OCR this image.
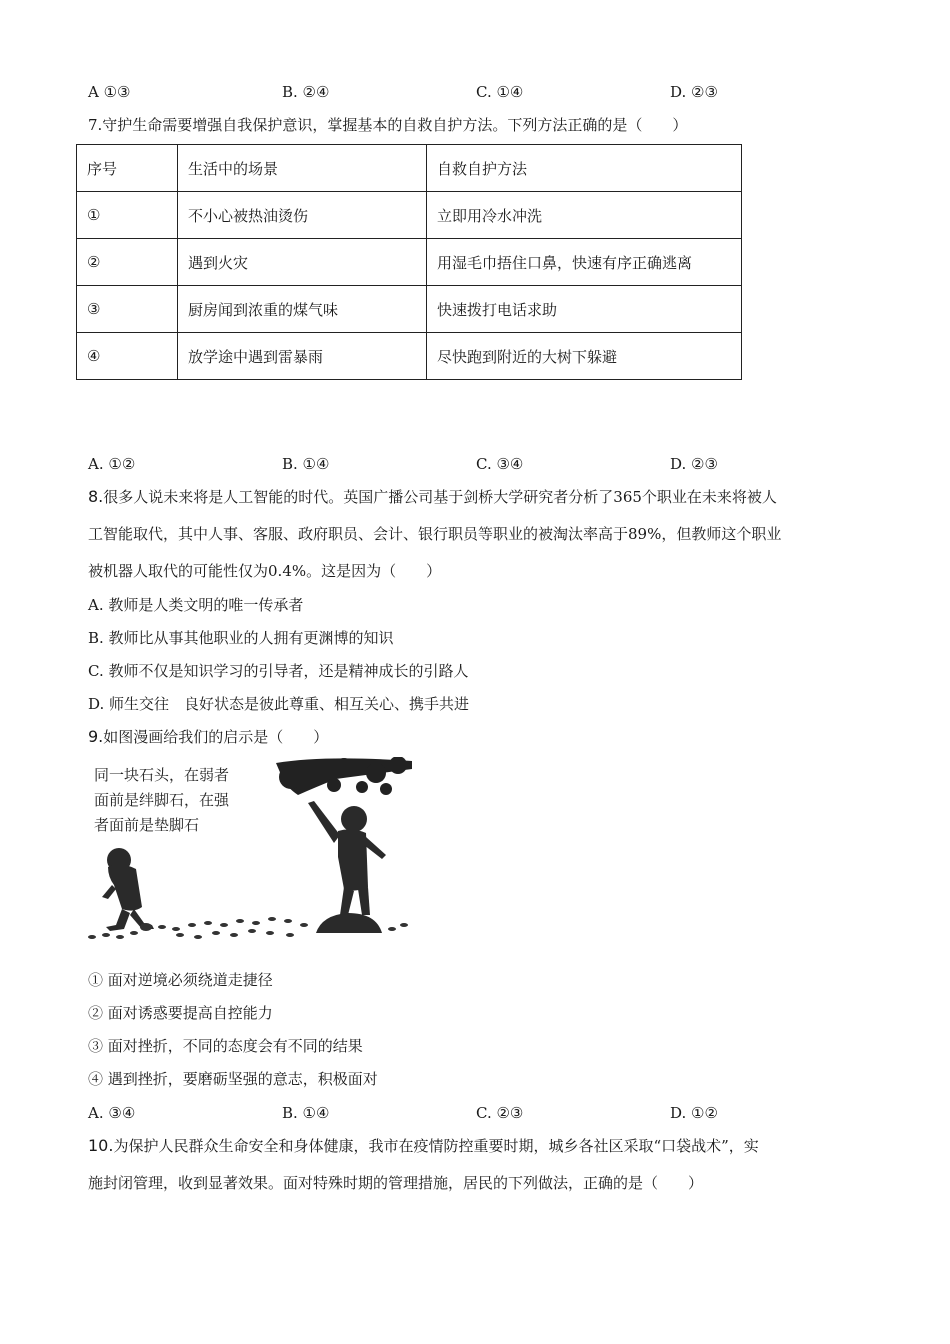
A ①③	B. ②④	C. ①④	D. ②③
7.守护生命需要增强自我保护意识，掌握基本的自救自护方法。下列方法正确的是（　　）
序号	生活中的场景	自救自护方法
①	不小心被热油烫伤	立即用冷水冲洗
②	遇到火灾	用湿毛巾捂住口鼻，快速有序正确逃离
③	厨房闻到浓重的煤气味	快速拨打电话求助
④	放学途中遇到雷暴雨	尽快跑到附近的大树下躲避
A. ①②	B. ①④	C. ③④	D. ②③
8.很多人说未来将是人工智能的时代。英国广播公司基于剑桥大学研究者分析了365个职业在未来将被人
工智能取代，其中人事、客服、政府职员、会计、银行职员等职业的被淘汰率高于89%，但教师这个职业
被机器人取代的可能性仅为0.4%。这是因为（　　）
A. 教师是人类文明的唯一传承者
B. 教师比从事其他职业的人拥有更渊博的知识
C. 教师不仅是知识学习的引导者，还是精神成长的引路人
D. 师生交往　良好状态是彼此尊重、相互关心、携手共进
9.如图漫画给我们的启示是（　　）
同一块石头，在弱者
面前是绊脚石，在强
者面前是垫脚石
① 面对逆境必须绕道走捷径
② 面对诱惑要提高自控能力
③ 面对挫折，不同的态度会有不同的结果
④ 遇到挫折，要磨砺坚强的意志，积极面对
A. ③④	B. ①④	C. ②③	D. ①②
10.为保护人民群众生命安全和身体健康，我市在疫情防控重要时期，城乡各社区采取“口袋战术”，实
施封闭管理，收到显著效果。面对特殊时期的管理措施，居民的下列做法，正确的是（　　）
